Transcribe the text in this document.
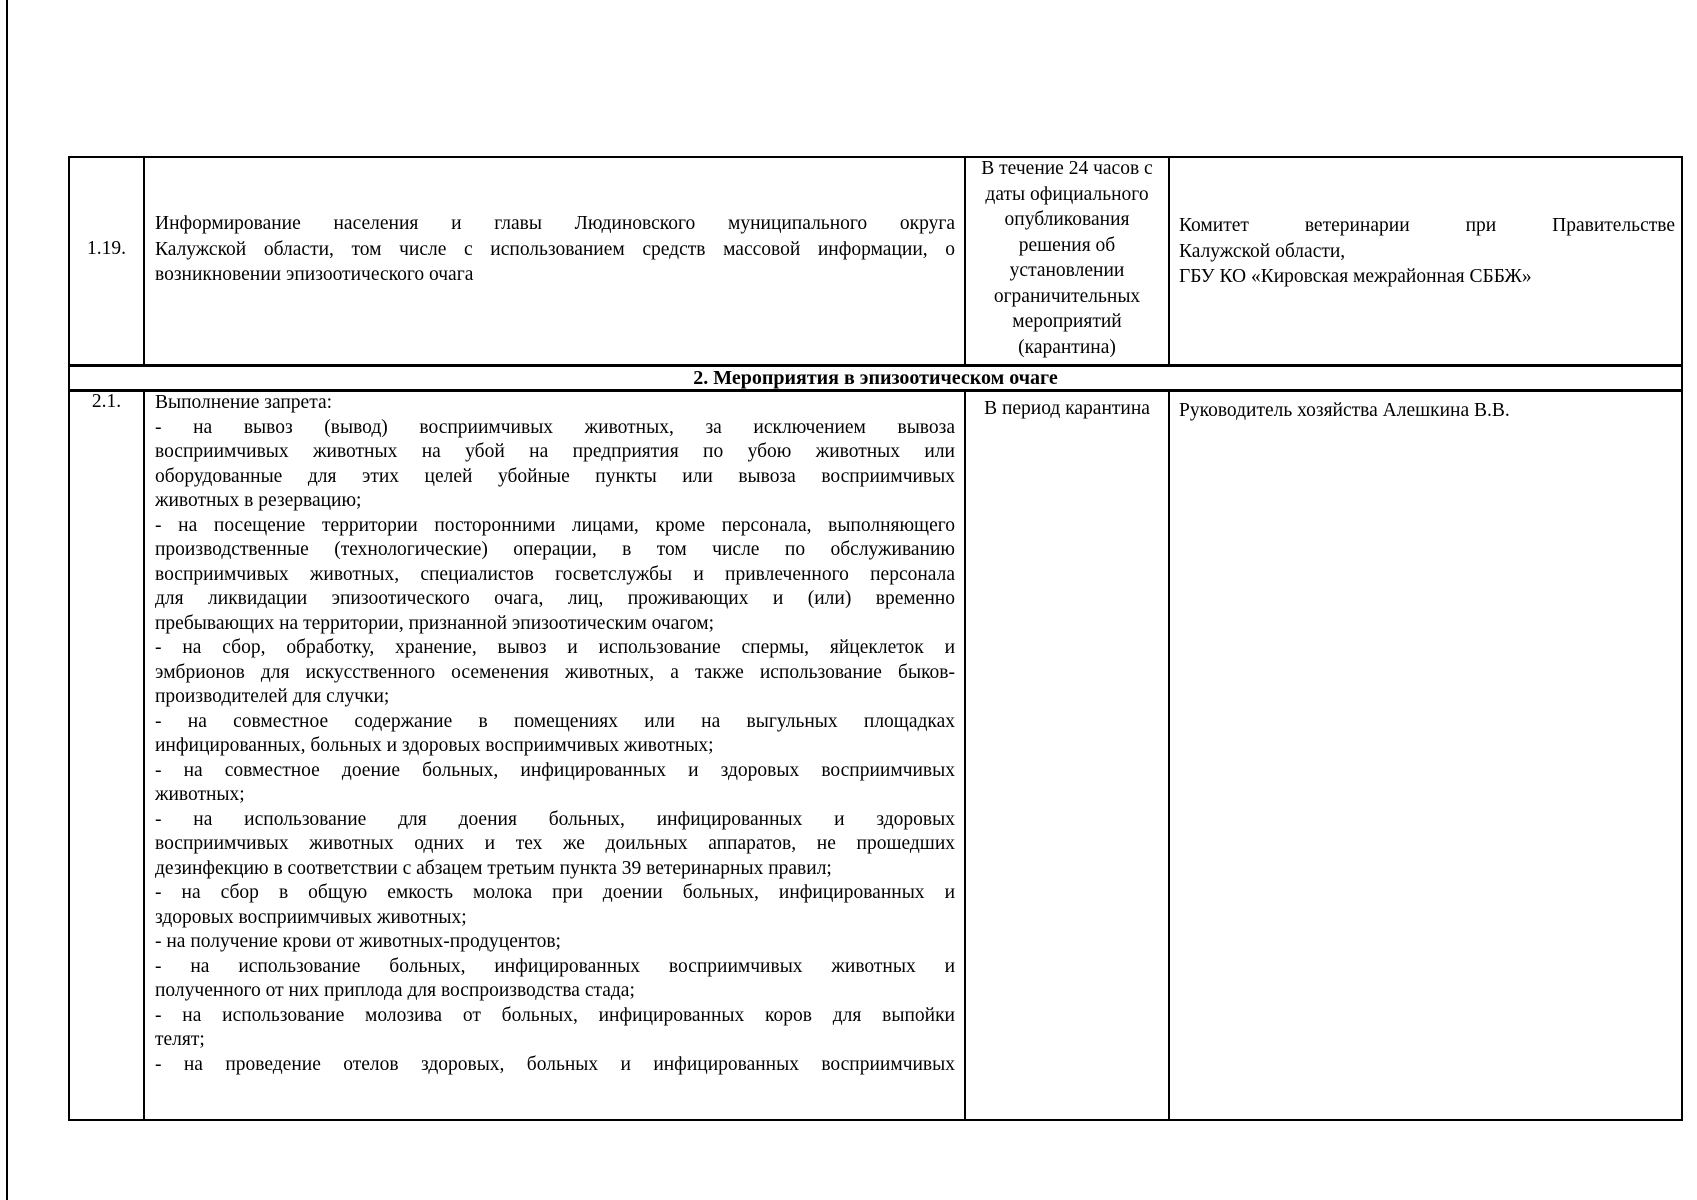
1.19.
Информирование населения и главы Людиновского муниципального округа
Калужской области, том числе с использованием средств массовой информации, о
возникновении эпизоотического очага
В течение 24 часов с
даты официального
опубликования
решения об
установлении
ограничительных
мероприятий
(карантина)
Комитет ветеринарии при Правительстве
Калужской области,
ГБУ КО «Кировская межрайонная СББЖ»
2. Мероприятия в эпизоотическом очаге
2.1.	Выполнение запрета:
- на вывоз (вывод) восприимчивых животных, за исключением вывоза
восприимчивых животных на убой на предприятия по убою животных или
оборудованные для этих целей убойные пункты или вывоза восприимчивых
животных в резервацию;
- на посещение территории посторонними лицами, кроме персонала, выполняющего
производственные (технологические) операции, в том числе по обслуживанию
восприимчивых животных, специалистов госветслужбы и привлеченного персонала
для ликвидации эпизоотического очага, лиц, проживающих и (или) временно
пребывающих на территории, признанной эпизоотическим очагом;
- на сбор, обработку, хранение, вывоз и использование спермы, яйцеклеток и
эмбрионов для искусственного осеменения животных, а также использование быков-
производителей для случки;
- на совместное содержание в помещениях или на выгульных площадках
инфицированных, больных и здоровых восприимчивых животных;
- на совместное доение больных, инфицированных и здоровых восприимчивых
животных;
- на использование для доения больных, инфицированных и здоровых
восприимчивых животных одних и тех же доильных аппаратов, не прошедших
дезинфекцию в соответствии с абзацем третьим пункта 39 ветеринарных правил;
- на сбор в общую емкость молока при доении больных, инфицированных и
здоровых восприимчивых животных;
- на получение крови от животных-продуцентов;
- на использование больных, инфицированных восприимчивых животных и
полученного от них приплода для воспроизводства стада;
- на использование молозива от больных, инфицированных коров для выпойки
телят;
- на проведение отелов здоровых, больных и инфицированных восприимчивых
В период карантина	Руководитель хозяйства Алешкина В.В.
